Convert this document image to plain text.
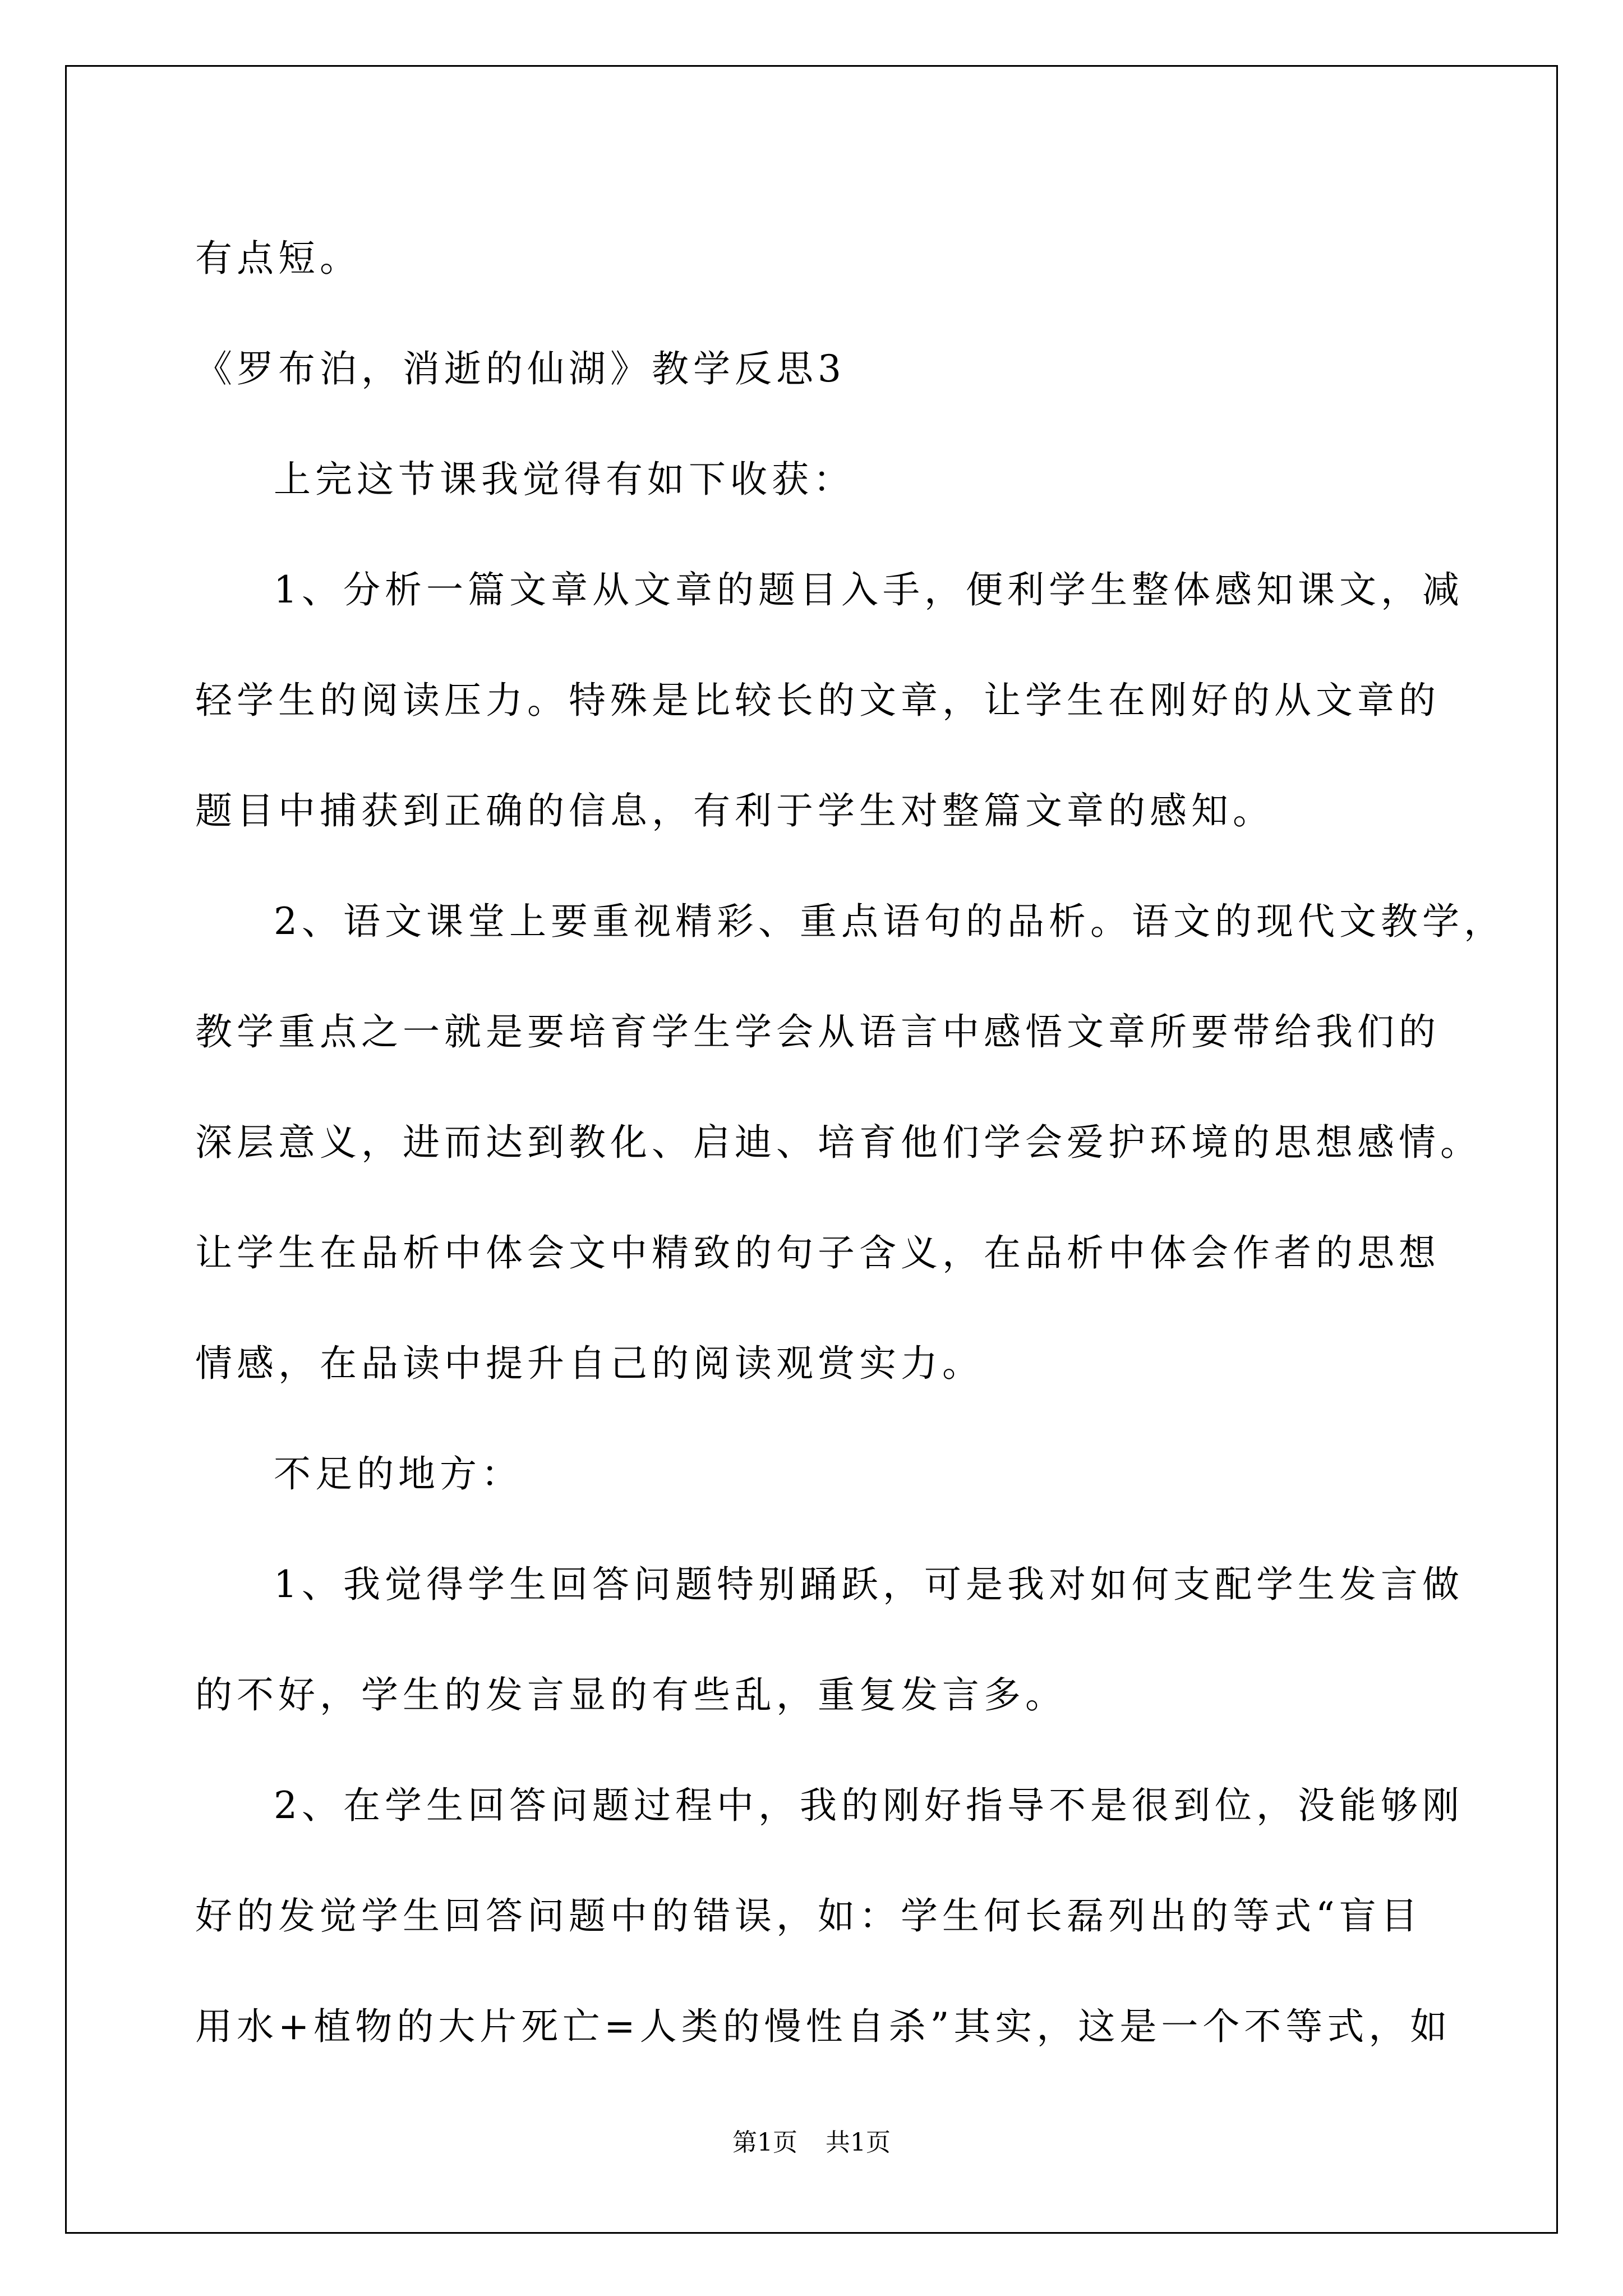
有点短。

《罗布泊，消逝的仙湖》教学反思3

上完这节课我觉得有如下收获：

1、分析一篇文章从文章的题目入手，便利学生整体感知课文，减

轻学生的阅读压力。特殊是比较长的文章，让学生在刚好的从文章的

题目中捕获到正确的信息，有利于学生对整篇文章的感知。

2、语文课堂上要重视精彩、重点语句的品析。语文的现代文教学，

教学重点之一就是要培育学生学会从语言中感悟文章所要带给我们的

深层意义，进而达到教化、启迪、培育他们学会爱护环境的思想感情。

让学生在品析中体会文中精致的句子含义，在品析中体会作者的思想

情感，在品读中提升自己的阅读观赏实力。

不足的地方：

1、我觉得学生回答问题特别踊跃，可是我对如何支配学生发言做

的不好，学生的发言显的有些乱，重复发言多。

2、在学生回答问题过程中，我的刚好指导不是很到位，没能够刚

好的发觉学生回答问题中的错误，如：学生何长磊列出的等式“盲目

用水+植物的大片死亡=人类的慢性自杀”其实，这是一个不等式，如

第1页 共1页
